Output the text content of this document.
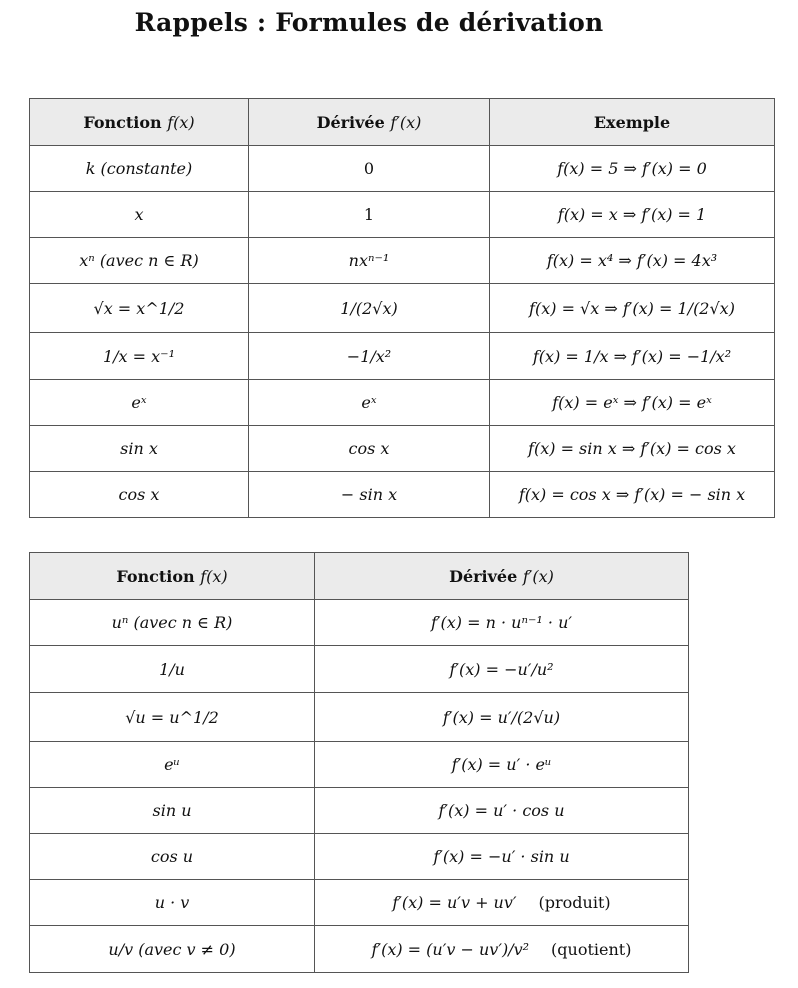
Rappels : Formules de dérivation
Fonction f(x)	Dérivée f′(x)	Exemple
k (constante)	0	f(x) = 5 ⇒ f′(x) = 0
x	1	f(x) = x ⇒ f′(x) = 1
xⁿ (avec n ∈ R)	nxⁿ⁻¹	f(x) = x⁴ ⇒ f′(x) = 4x³
√x = x^1/2	1/(2√x)	f(x) = √x ⇒ f′(x) = 1/(2√x)
1/x = x⁻¹	−1/x²	f(x) = 1/x ⇒ f′(x) = −1/x²
eˣ	eˣ	f(x) = eˣ ⇒ f′(x) = eˣ
sin x	cos x	f(x) = sin x ⇒ f′(x) = cos x
cos x	− sin x	f(x) = cos x ⇒ f′(x) = − sin x
Fonction f(x)	Dérivée f′(x)
uⁿ (avec n ∈ R)	f′(x) = n · uⁿ⁻¹ · u′
1/u	f′(x) = −u′/u²
√u = u^1/2	f′(x) = u′/(2√u)
eᵘ	f′(x) = u′ · eᵘ
sin u	f′(x) = u′ · cos u
cos u	f′(x) = −u′ · sin u
u · v	f′(x) = u′v + uv′ (produit)
u/v (avec v ≠ 0)	f′(x) = (u′v − uv′)/v² (quotient)
